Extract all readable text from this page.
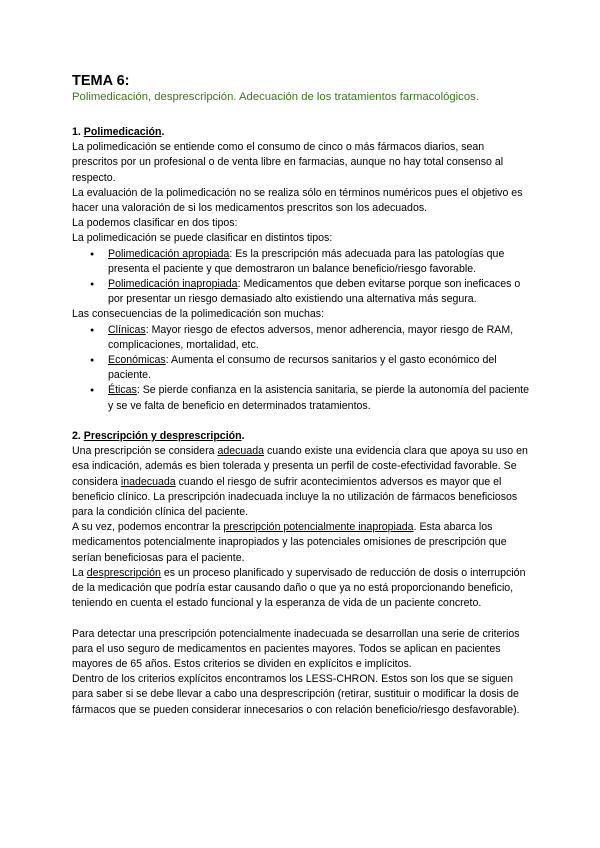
TEMA 6:
Polimedicación, desprescripción. Adecuación de los tratamientos farmacológicos.
1. Polimedicación.

La polimedicación se entiende como el consumo de cinco o más fármacos diarios, sean prescritos por un profesional o de venta libre en farmacias, aunque no hay total consenso al respecto.

La evaluación de la polimedicación no se realiza sólo en términos numéricos pues el objetivo es hacer una valoración de si los medicamentos prescritos son los adecuados.

La podemos clasificar en dos tipos:

La polimedicación se puede clasificar en distintos tipos:

● Polimedicación apropiada: Es la prescripción más adecuada para las patologías que presenta el paciente y que demostraron un balance beneficio/riesgo favorable.
● Polimedicación inapropiada: Medicamentos que deben evitarse porque son ineficaces o por presentar un riesgo demasiado alto existiendo una alternativa más segura.

Las consecuencias de la polimedicación son muchas:

● Clínicas: Mayor riesgo de efectos adversos, menor adherencia, mayor riesgo de RAM, complicaciones, mortalidad, etc.
● Económicas: Aumenta el consumo de recursos sanitarios y el gasto económico del paciente.
● Éticas: Se pierde confianza en la asistencia sanitaria, se pierde la autonomía del paciente y se ve falta de beneficio en determinados tratamientos.
2. Prescripción y desprescripción.

Una prescripción se considera adecuada cuando existe una evidencia clara que apoya su uso en esa indicación, además es bien tolerada y presenta un perfil de coste-efectividad favorable. Se considera inadecuada cuando el riesgo de sufrir acontecimientos adversos es mayor que el beneficio clínico. La prescripción inadecuada incluye la no utilización de fármacos beneficiosos para la condición clínica del paciente.

A su vez, podemos encontrar la prescripción potencialmente inapropiada. Esta abarca los medicamentos potencialmente inapropiados y las potenciales omisiones de prescripción que serían beneficiosas para el paciente.

La desprescripción es un proceso planificado y supervisado de reducción de dosis o interrupción de la medicación que podría estar causando daño o que ya no está proporcionando beneficio, teniendo en cuenta el estado funcional y la esperanza de vida de un paciente concreto.

Para detectar una prescripción potencialmente inadecuada se desarrollan una serie de criterios para el uso seguro de medicamentos en pacientes mayores. Todos se aplican en pacientes mayores de 65 años. Estos criterios se dividen en explícitos e implícitos.

Dentro de los criterios explícitos encontramos los LESS-CHRON. Estos son los que se siguen para saber si se debe llevar a cabo una desprescripción (retirar, sustituir o modificar la dosis de fármacos que se pueden considerar innecesarios o con relación beneficio/riesgo desfavorable).
